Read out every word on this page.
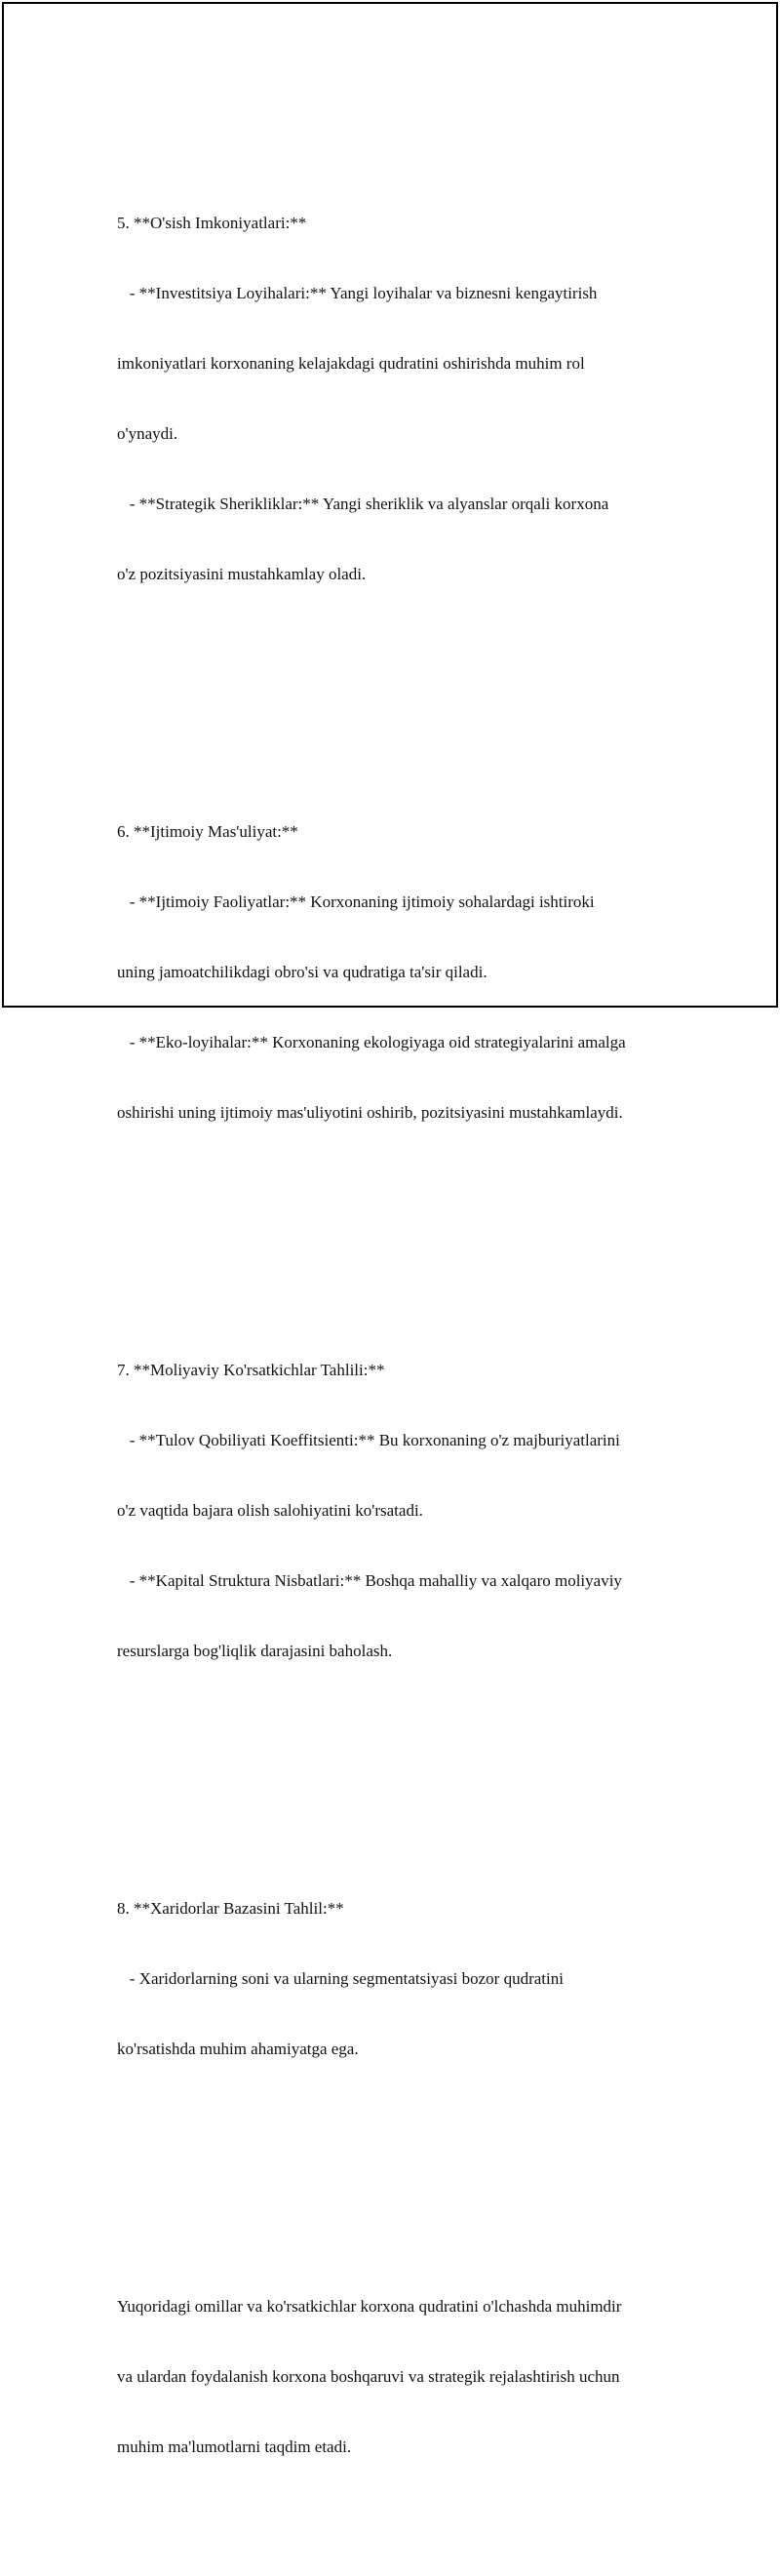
5. **O'sish Imkoniyatlari:**

- **Investitsiya Loyihalari:** Yangi loyihalar va biznesni kengaytirish

imkoniyatlari korxonaning kelajakdagi qudratini oshirishda muhim rol

o'ynaydi.

- **Strategik Sherikliklar:** Yangi sheriklik va alyanslar orqali korxona

o'z pozitsiyasini mustahkamlay oladi.

6. **Ijtimoiy Mas'uliyat:**

- **Ijtimoiy Faoliyatlar:** Korxonaning ijtimoiy sohalardagi ishtiroki

uning jamoatchilikdagi obro'si va qudratiga ta'sir qiladi.

- **Eko-loyihalar:** Korxonaning ekologiyaga oid strategiyalarini amalga

oshirishi uning ijtimoiy mas'uliyotini oshirib, pozitsiyasini mustahkamlaydi.

7. **Moliyaviy Ko'rsatkichlar Tahlili:**

- **Tulov Qobiliyati Koeffitsienti:** Bu korxonaning o'z majburiyatlarini

o'z vaqtida bajara olish salohiyatini ko'rsatadi.

- **Kapital Struktura Nisbatlari:** Boshqa mahalliy va xalqaro moliyaviy

resurslarga bog'liqlik darajasini baholash.

8. **Xaridorlar Bazasini Tahlil:**

- Xaridorlarning soni va ularning segmentatsiyasi bozor qudratini

ko'rsatishda muhim ahamiyatga ega.

Yuqoridagi omillar va ko'rsatkichlar korxona qudratini o'lchashda muhimdir

va ulardan foydalanish korxona boshqaruvi va strategik rejalashtirish uchun

muhim ma'lumotlarni taqdim etadi.
